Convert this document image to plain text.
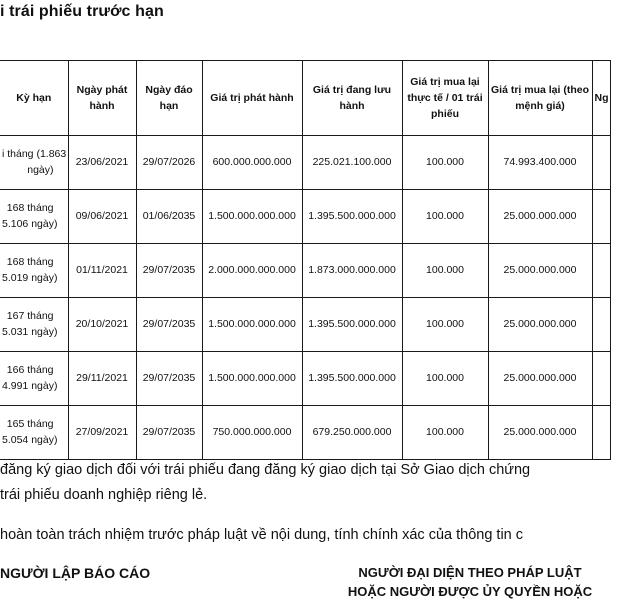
i trái phiếu trước hạn
Kỳ hạn	Ngày phát hành	Ngày đáo hạn	Giá trị phát hành	Giá trị đang lưu hành	Giá trị mua lại thực tế / 01 trái phiếu	Giá trị mua lại (theo mệnh giá)	Ng

i tháng (1.863
ngày)	23/06/2021	29/07/2026	600.000.000.000	225.021.100.000	100.000	74.993.400.000	

168 tháng
5.106 ngày)	09/06/2021	01/06/2035	1.500.000.000.000	1.395.500.000.000	100.000	25.000.000.000	

168 tháng
5.019 ngày)	01/11/2021	29/07/2035	2.000.000.000.000	1.873.000.000.000	100.000	25.000.000.000	

167 tháng
5.031 ngày)	20/10/2021	29/07/2035	1.500.000.000.000	1.395.500.000.000	100.000	25.000.000.000	

166 tháng
4.991 ngày)	29/11/2021	29/07/2035	1.500.000.000.000	1.395.500.000.000	100.000	25.000.000.000	

165 tháng
5.054 ngày)	27/09/2021	29/07/2035	750.000.000.000	679.250.000.000	100.000	25.000.000.000	

đăng ký giao dịch đối với trái phiếu đang đăng ký giao dịch tại Sở Giao dịch chứng

trái phiếu doanh nghiệp riêng lẻ.

hoàn toàn trách nhiệm trước pháp luật về nội dung, tính chính xác của thông tin c

NGƯỜI LẬP BÁO CÁO	NGƯỜI ĐẠI DIỆN THEO PHÁP LUẬT
HOẶC NGƯỜI ĐƯỢC ỦY QUYỀN HOẶC
